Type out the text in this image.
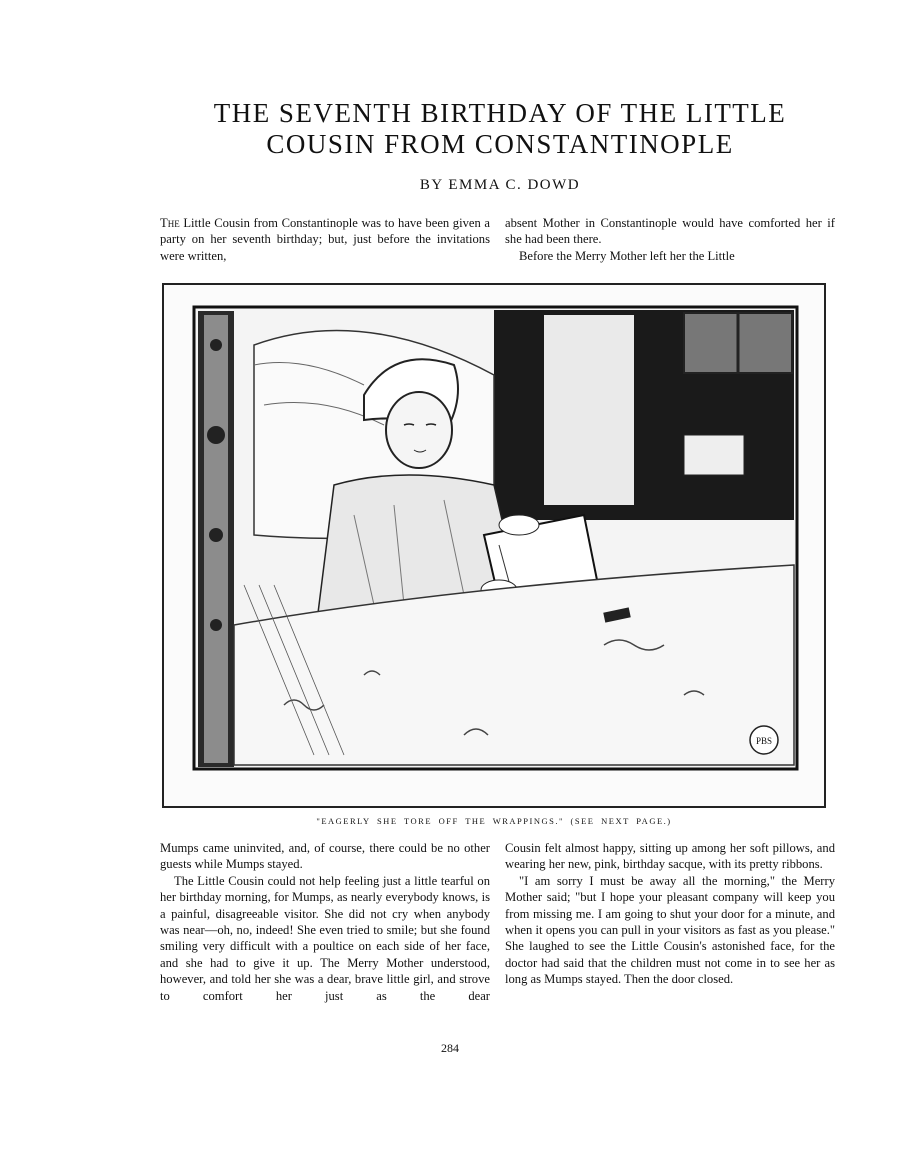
THE SEVENTH BIRTHDAY OF THE LITTLE
COUSIN FROM CONSTANTINOPLE
BY EMMA C. DOWD

The Little Cousin from Constantinople was to have been given a party on her seventh birthday; but, just before the invitations were written,

absent Mother in Constantinople would have comforted her if she had been there.

Before the Merry Mother left her the Little

PBS
"EAGERLY SHE TORE OFF THE WRAPPINGS." (SEE NEXT PAGE.)

Mumps came uninvited, and, of course, there could be no other guests while Mumps stayed.

The Little Cousin could not help feeling just a little tearful on her birthday morning, for Mumps, as nearly everybody knows, is a painful, disagreeable visitor. She did not cry when anybody was near—oh, no, indeed! She even tried to smile; but she found smiling very difficult with a poultice on each side of her face, and she had to give it up. The Merry Mother understood, however, and told her she was a dear, brave little girl, and strove to comfort her just as the dear

Cousin felt almost happy, sitting up among her soft pillows, and wearing her new, pink, birthday sacque, with its pretty ribbons.

"I am sorry I must be away all the morning," the Merry Mother said; "but I hope your pleasant company will keep you from missing me. I am going to shut your door for a minute, and when it opens you can pull in your visitors as fast as you please." She laughed to see the Little Cousin's astonished face, for the doctor had said that the children must not come in to see her as long as Mumps stayed. Then the door closed.

284
